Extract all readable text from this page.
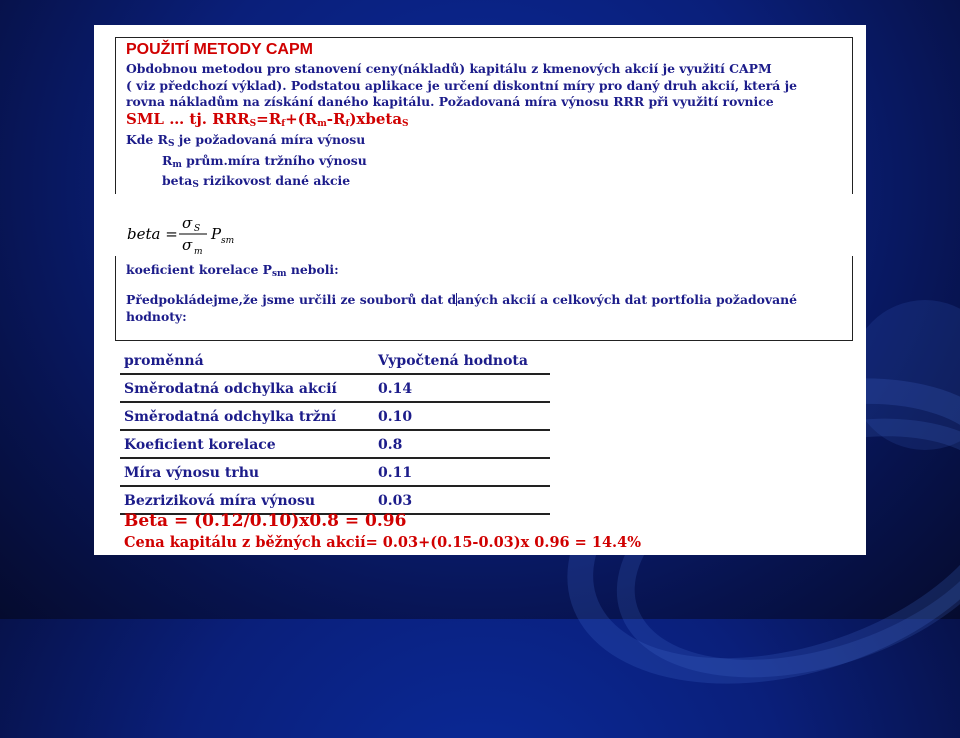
POUŽITÍ METODY CAPM
Obdobnou metodou pro stanovení ceny(nákladů) kapitálu z kmenových akcií je využití CAPM
( viz předchozí výklad). Podstatou aplikace je určení diskontní míry pro daný druh akcií, která je
rovna nákladům na získání daného kapitálu. Požadovaná míra výnosu RRR při využití rovnice
SML … tj. $RRR_S=R_f+(R_m-R_f)xbeta_S$
Kde $R_S$ je požadovaná míra výnosu
$R_m$ prům.míra tržního výnosu
beta$_S$ rizikovost dané akcie
koeficient korelace $P_{sm}$ neboli:
Předpokládejme,že jsme určili ze souborů dat daných akcií a celkových dat portfolia požadované hodnoty:
beta =
σ S
σ m
P sm
proměnná	Vypočtená hodnota
Směrodatná odchylka akcií	0.14
Směrodatná odchylka tržní	0.10
Koeficient korelace	0.8
Míra výnosu trhu	0.11
Bezriziková míra výnosu	0.03
Beta = (0.12/0.10)x0.8 = 0.96
Cena kapitálu z běžných akcií= 0.03+(0.15-0.03)x 0.96 = 14.4%
